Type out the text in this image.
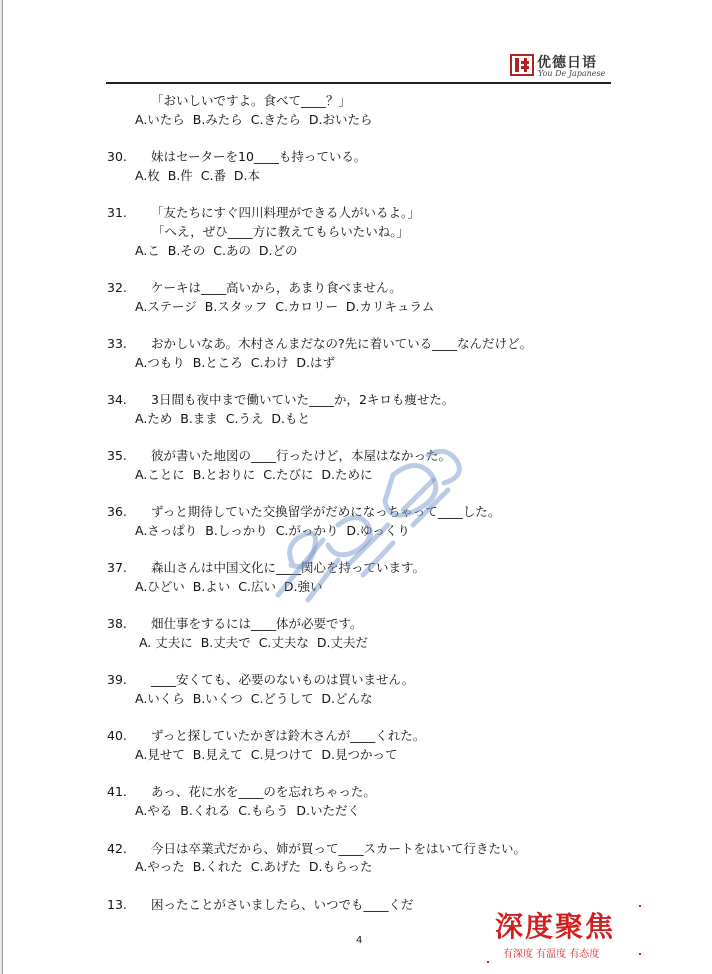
优德日语
You De Japanese
「おいしいですよ。食べて____？」
A.いたら  B.みたら  C.きたら  D.おいたら
30. 妹はセーターを10____も持っている。
A.枚  B.件  C.番  D.本
31. 「友たちにすぐ四川料理ができる人がいるよ。」
「へえ，ぜひ____方に教えてもらいたいね。」
A.こ  B.その  C.あの  D.どの
32. ケーキは____高いから，あまり食べません。
A.ステージ  B.スタッフ  C.カロリー  D.カリキュラム
33. おかしいなあ。木村さんまだなの?先に着いている____なんだけど。
A.つもり  B.ところ  C.わけ  D.はず
34. 3日間も夜中まで働いていた____か，2キロも痩せた。
A.ため  B.まま  C.うえ  D.もと
35. 彼が書いた地図の____行ったけど，本屋はなかった。
A.ことに  B.とおりに  C.たびに  D.ために
36. ずっと期待していた交換留学がだめになっちゃって____した。
A.さっぱり  B.しっかり  C.がっかり  D.ゆっくり
37. 森山さんは中国文化に____関心を持っています。
A.ひどい  B.よい  C.広い  D.強い
38. 畑仕事をするには____体が必要です。
A. 丈夫に  B.丈夫で  C.丈夫な  D.丈夫だ
39. ____安くても、必要のないものは買いません。
A.いくら  B.いくつ  C.どうして  D.どんな
40. ずっと探していたかぎは鈴木さんが____くれた。
A.見せて  B.見えて  C.見つけて  D.見つかって
41. あっ、花に水を____のを忘れちゃった。
A.やる  B.くれる  C.もらう  D.いただく
42. 今日は卒業式だから、姉が買って____スカートをはいて行きたい。
A.やった  B.くれた  C.あげた  D.もらった
13. 困ったことがさいましたら、いつでも____くだ
4	深度聚焦
有深度 有温度 有态度
